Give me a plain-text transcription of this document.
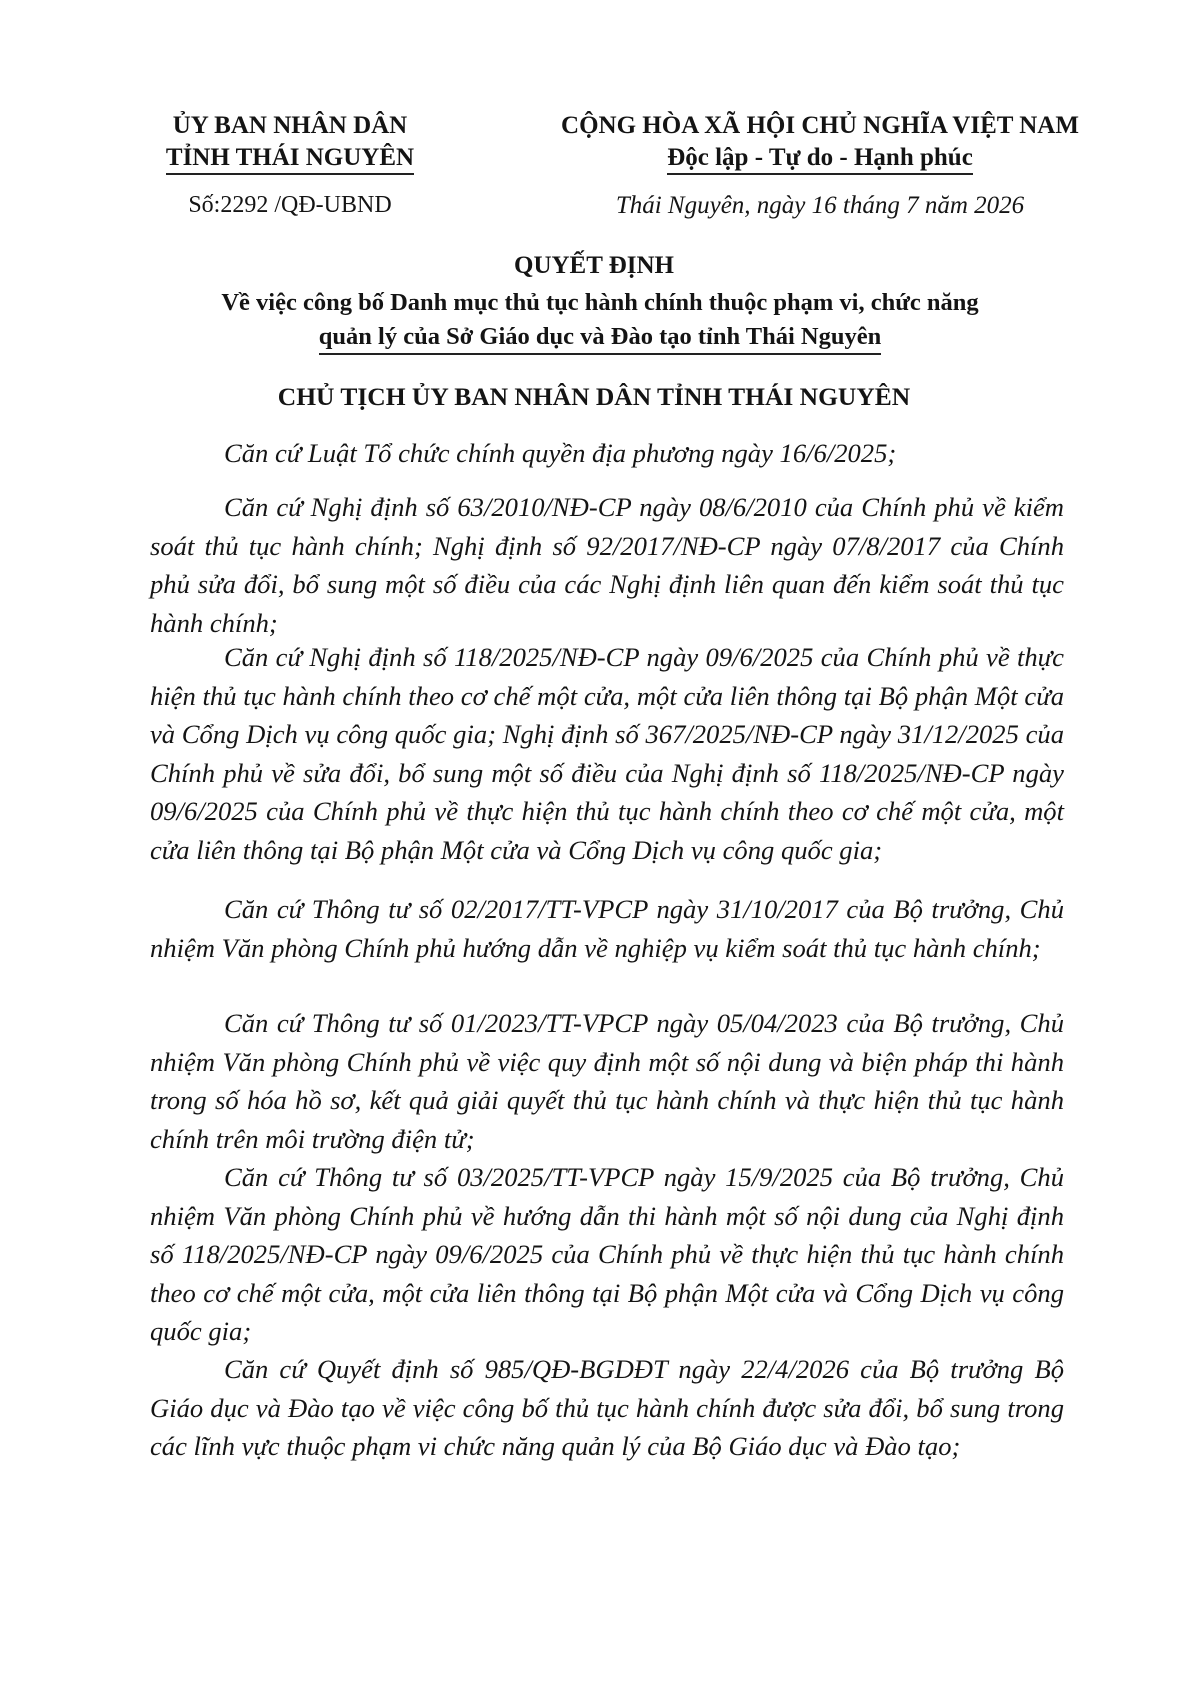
ỦY BAN NHÂN DÂN
TỈNH THÁI NGUYÊN
Số:2292 /QĐ-UBND
CỘNG HÒA XÃ HỘI CHỦ NGHĨA VIỆT NAM
Độc lập - Tự do - Hạnh phúc
Thái Nguyên, ngày 16 tháng 7 năm 2026
QUYẾT ĐỊNH
Về việc công bố Danh mục thủ tục hành chính thuộc phạm vi, chức năng
quản lý của Sở Giáo dục và Đào tạo tỉnh Thái Nguyên
CHỦ TỊCH ỦY BAN NHÂN DÂN TỈNH THÁI NGUYÊN

Căn cứ Luật Tổ chức chính quyền địa phương ngày 16/6/2025;

Căn cứ Nghị định số 63/2010/NĐ-CP ngày 08/6/2010 của Chính phủ về kiểm soát thủ tục hành chính; Nghị định số 92/2017/NĐ-CP ngày 07/8/2017 của Chính phủ sửa đổi, bổ sung một số điều của các Nghị định liên quan đến kiểm soát thủ tục hành chính;

Căn cứ Nghị định số 118/2025/NĐ-CP ngày 09/6/2025 của Chính phủ về thực hiện thủ tục hành chính theo cơ chế một cửa, một cửa liên thông tại Bộ phận Một cửa và Cổng Dịch vụ công quốc gia; Nghị định số 367/2025/NĐ-CP ngày 31/12/2025 của Chính phủ về sửa đổi, bổ sung một số điều của Nghị định số 118/2025/NĐ-CP ngày 09/6/2025 của Chính phủ về thực hiện thủ tục hành chính theo cơ chế một cửa, một cửa liên thông tại Bộ phận Một cửa và Cổng Dịch vụ công quốc gia;

Căn cứ Thông tư số 02/2017/TT-VPCP ngày 31/10/2017 của Bộ trưởng, Chủ nhiệm Văn phòng Chính phủ hướng dẫn về nghiệp vụ kiểm soát thủ tục hành chính;

Căn cứ Thông tư số 01/2023/TT-VPCP ngày 05/04/2023 của Bộ trưởng, Chủ nhiệm Văn phòng Chính phủ về việc quy định một số nội dung và biện pháp thi hành trong số hóa hồ sơ, kết quả giải quyết thủ tục hành chính và thực hiện thủ tục hành chính trên môi trường điện tử;

Căn cứ Thông tư số 03/2025/TT-VPCP ngày 15/9/2025 của Bộ trưởng, Chủ nhiệm Văn phòng Chính phủ về hướng dẫn thi hành một số nội dung của Nghị định số 118/2025/NĐ-CP ngày 09/6/2025 của Chính phủ về thực hiện thủ tục hành chính theo cơ chế một cửa, một cửa liên thông tại Bộ phận Một cửa và Cổng Dịch vụ công quốc gia;

Căn cứ Quyết định số 985/QĐ-BGDĐT ngày 22/4/2026 của Bộ trưởng Bộ Giáo dục và Đào tạo về việc công bố thủ tục hành chính được sửa đổi, bổ sung trong các lĩnh vực thuộc phạm vi chức năng quản lý của Bộ Giáo dục và Đào tạo;
